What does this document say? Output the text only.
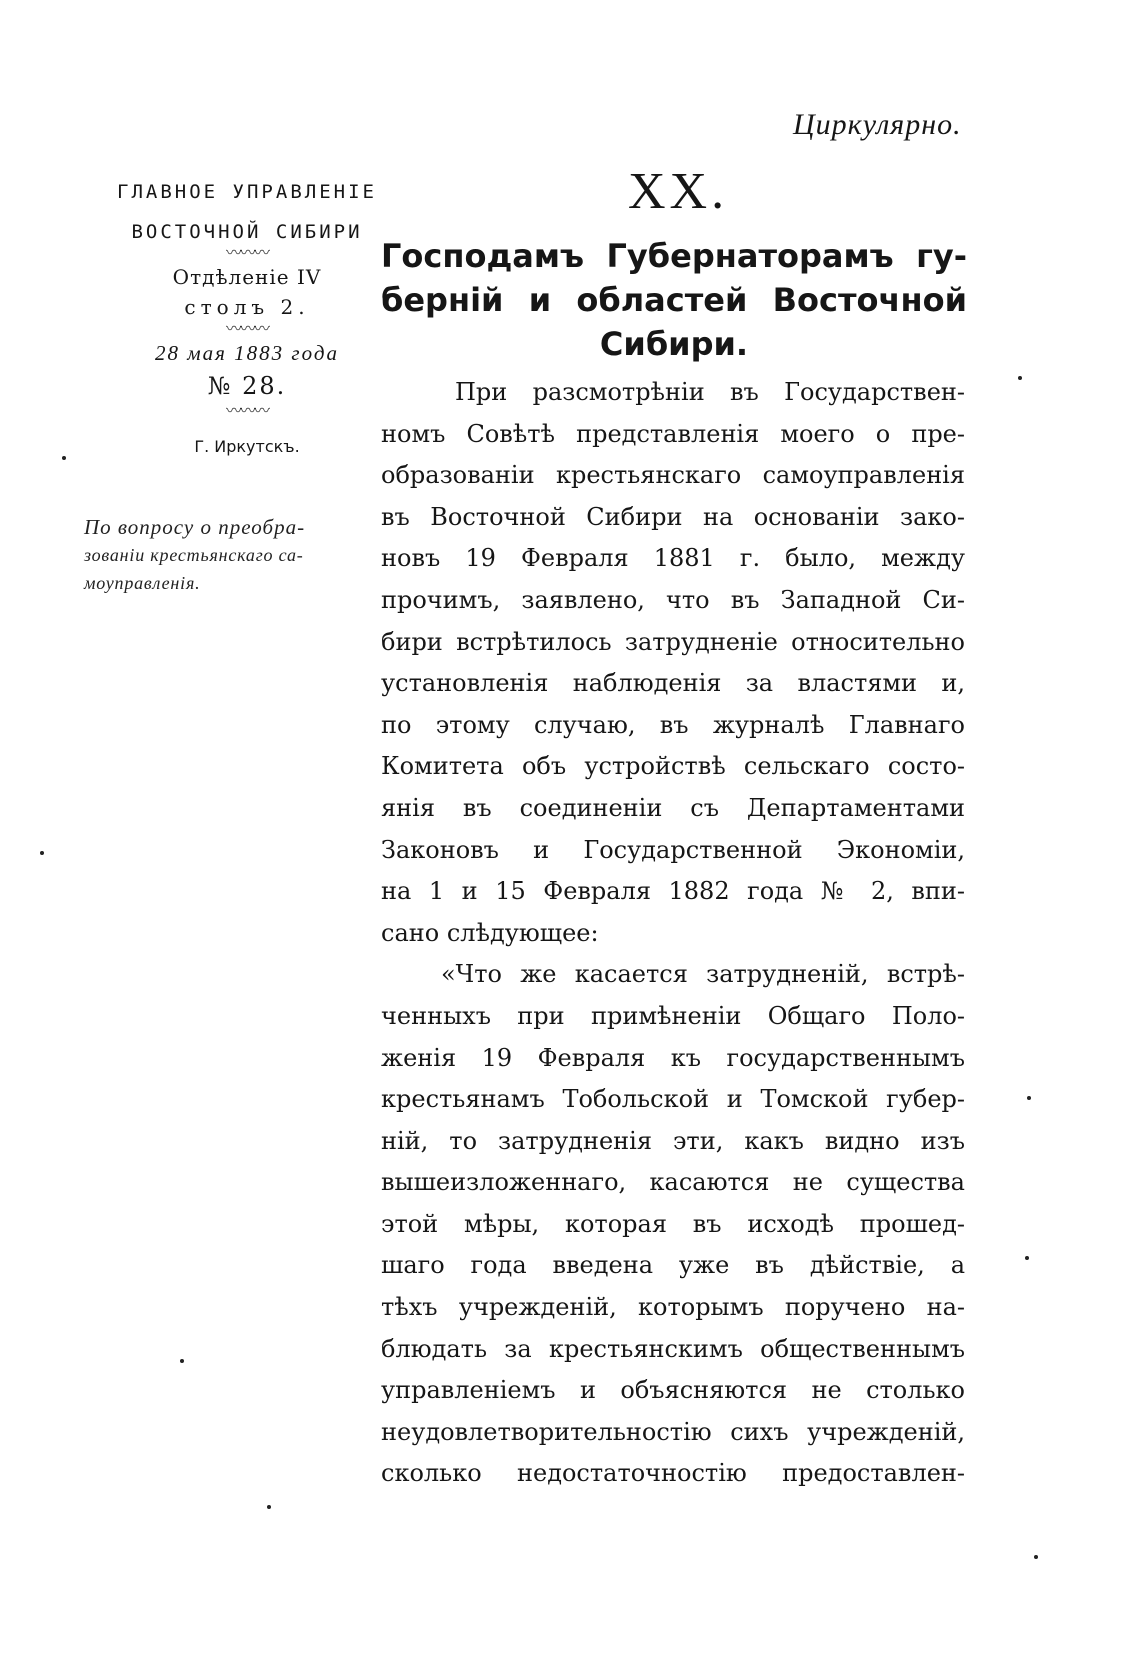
Циркулярно.
ГЛАВНОЕ УПРАВЛЕНІЕ
ВОСТОЧНОЙ СИБИРИ
〰〰〰
Отдѣленіе IV
столъ 2.
〰〰〰
28 мая 1883 года
№ 28.
〰〰〰
Г. Иркутскъ.
По вопросу о преобра-
зованіи крестьянскаго са-
моуправленія.
XX.
Господамъ Губернаторамъ гу-
берній и областей Восточной
Сибири.
При разсмотрѣніи въ Государствен-
номъ Совѣтѣ представленія моего о пре-
образованіи крестьянскаго самоуправленія
въ Восточной Сибири на основаніи зако-
новъ 19 Февраля 1881 г. было, между
прочимъ, заявлено, что въ Западной Си-
бири встрѣтилось затрудненіе относительно
установленія наблюденія за властями и,
по этому случаю, въ журналѣ Главнаго
Комитета объ устройствѣ сельскаго состо-
янія въ соединеніи съ Департаментами
Законовъ и Государственной Экономіи,
на 1 и 15 Февраля 1882 года № 2, впи-
сано слѣдующее:
«Что же касается затрудненій, встрѣ-
ченныхъ при примѣненіи Общаго Поло-
женія 19 Февраля къ государственнымъ
крестьянамъ Тобольской и Томской губер-
ній, то затрудненія эти, какъ видно изъ
вышеизложеннаго, касаются не существа
этой мѣры, которая въ исходѣ прошед-
шаго года введена уже въ дѣйствіе, а
тѣхъ учрежденій, которымъ поручено на-
блюдать за крестьянскимъ общественнымъ
управленіемъ и объясняются не столько
неудовлетворительностію сихъ учрежденій,
сколько недостаточностію предоставлен-
